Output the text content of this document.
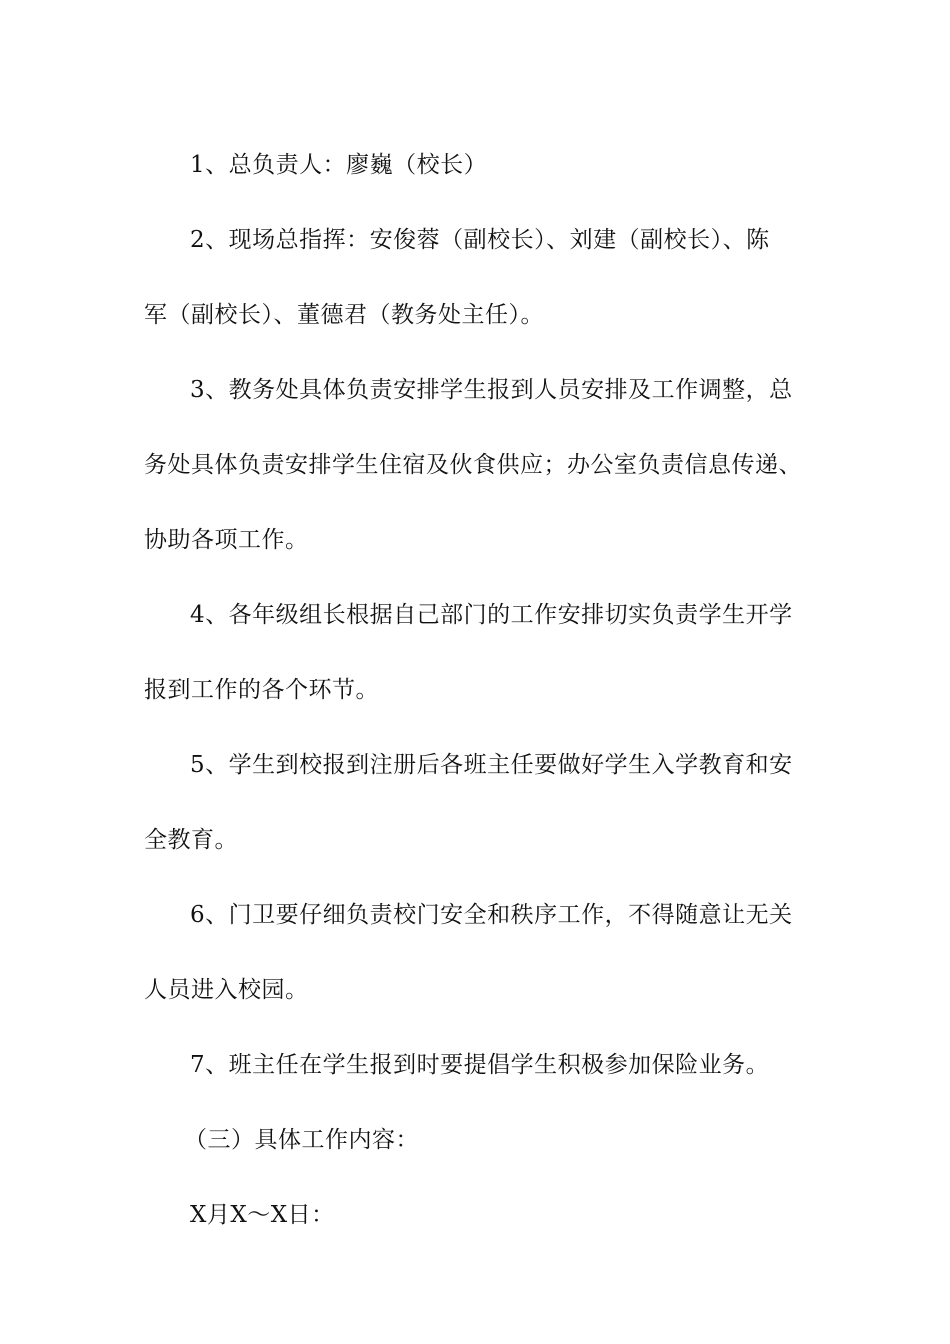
1、总负责人：廖巍（校长）
2、现场总指挥：安俊蓉（副校长）、刘建（副校长）、陈
军（副校长）、董德君（教务处主任）。
3、教务处具体负责安排学生报到人员安排及工作调整，总
务处具体负责安排学生住宿及伙食供应；办公室负责信息传递、
协助各项工作。
4、各年级组长根据自己部门的工作安排切实负责学生开学
报到工作的各个环节。
5、学生到校报到注册后各班主任要做好学生入学教育和安
全教育。
6、门卫要仔细负责校门安全和秩序工作，不得随意让无关
人员进入校园。
7、班主任在学生报到时要提倡学生积极参加保险业务。
（三）具体工作内容：
X月X～X日：
